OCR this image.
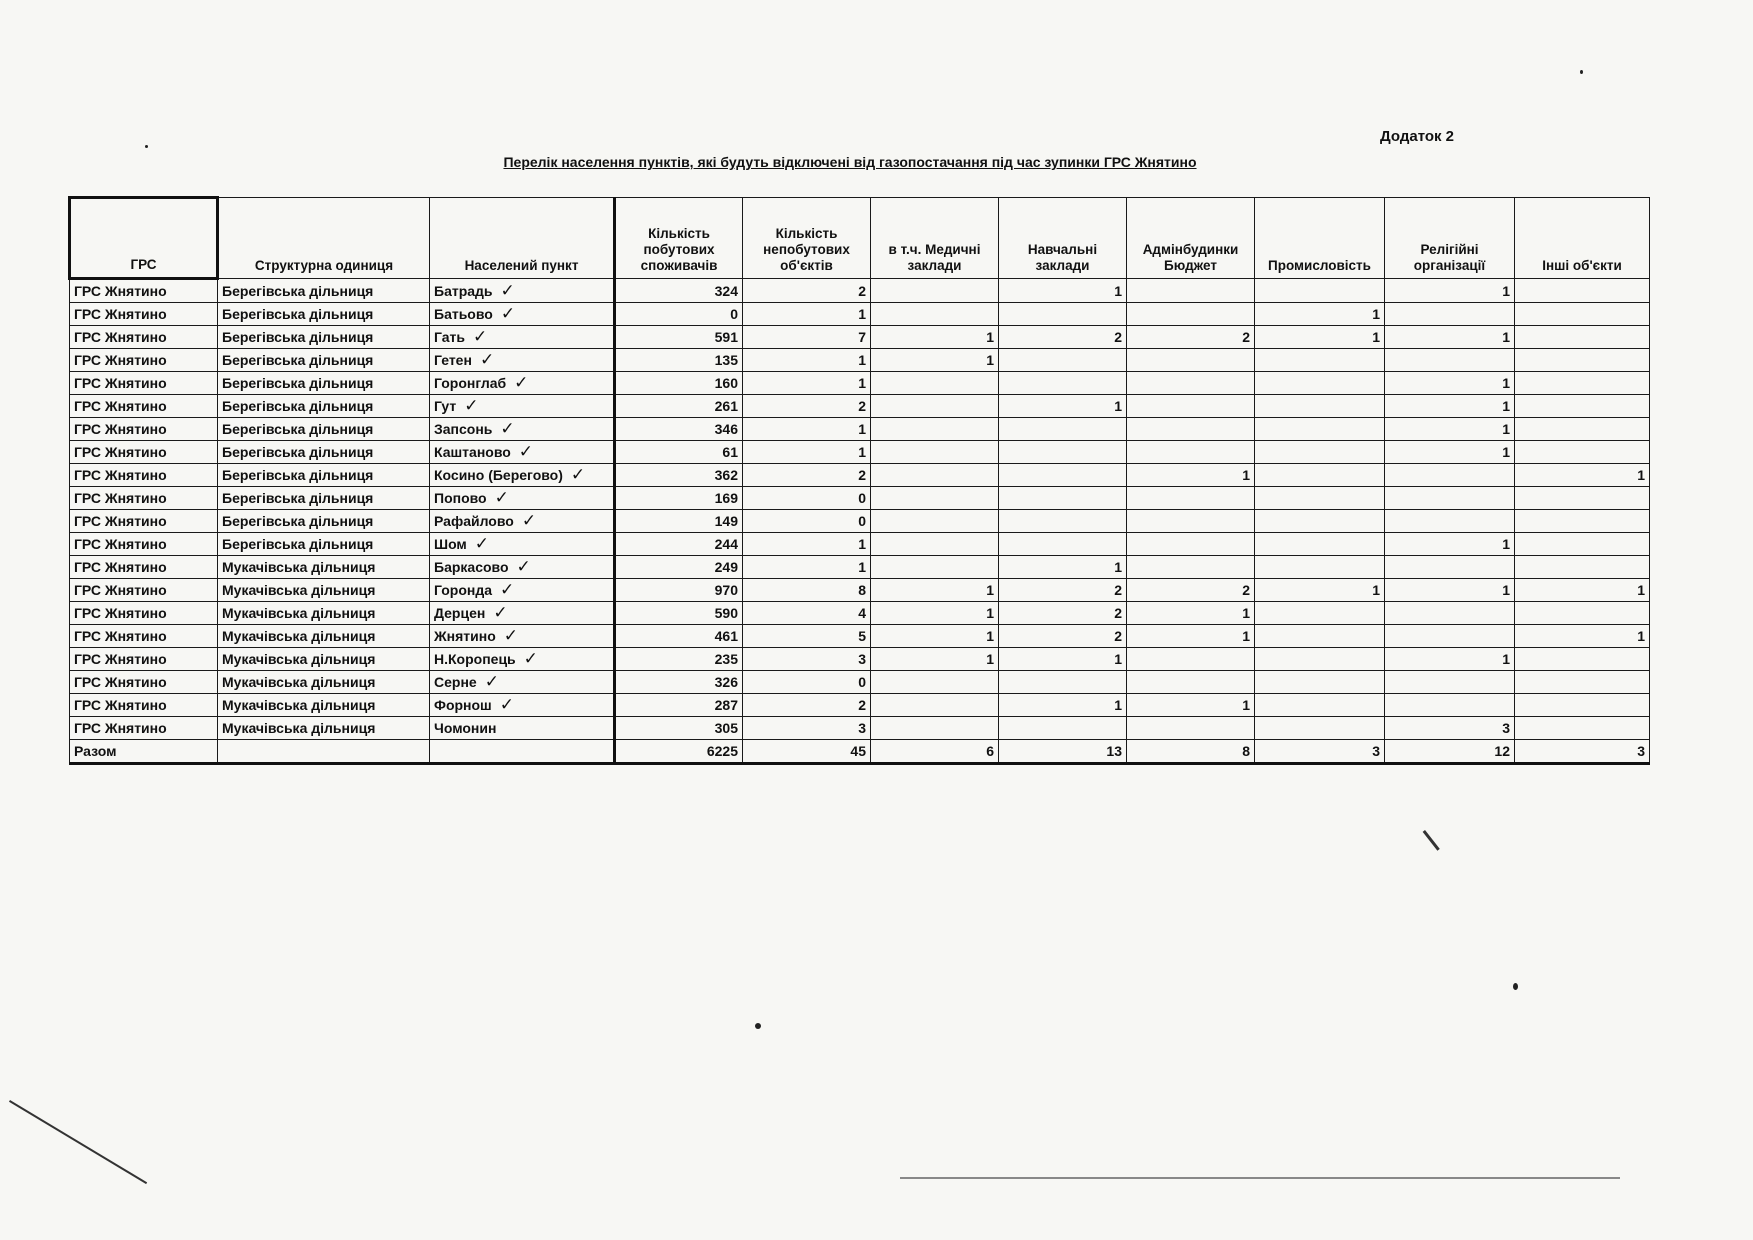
Додаток 2
Перелік населення пунктів, які будуть відключені від газопостачання під час зупинки ГРС Жнятино
ГРС	Структурна одиниця	Населений пункт	Кількість побутових споживачів	Кількість непобутових об'єктів	в т.ч. Медичні заклади	Навчальні заклади	Адмінбудинки Бюджет	Промисловість	Релігійні організації	Інші об'єкти
ГРС Жнятино	Берегівська дільниця	Батрадь ✓	324	2		1			1	
ГРС Жнятино	Берегівська дільниця	Батьово ✓	0	1				1		
ГРС Жнятино	Берегівська дільниця	Гать ✓	591	7	1	2	2	1	1	
ГРС Жнятино	Берегівська дільниця	Гетен ✓	135	1	1					
ГРС Жнятино	Берегівська дільниця	Горонглаб ✓	160	1					1	
ГРС Жнятино	Берегівська дільниця	Гут ✓	261	2		1			1	
ГРС Жнятино	Берегівська дільниця	Запсонь ✓	346	1					1	
ГРС Жнятино	Берегівська дільниця	Каштаново ✓	61	1					1	
ГРС Жнятино	Берегівська дільниця	Косино (Берегово) ✓	362	2			1			1
ГРС Жнятино	Берегівська дільниця	Попово ✓	169	0						
ГРС Жнятино	Берегівська дільниця	Рафайлово ✓	149	0						
ГРС Жнятино	Берегівська дільниця	Шом ✓	244	1					1	
ГРС Жнятино	Мукачівська дільниця	Баркасово ✓	249	1		1				
ГРС Жнятино	Мукачівська дільниця	Горонда ✓	970	8	1	2	2	1	1	1
ГРС Жнятино	Мукачівська дільниця	Дерцен ✓	590	4	1	2	1			
ГРС Жнятино	Мукачівська дільниця	Жнятино ✓	461	5	1	2	1			1
ГРС Жнятино	Мукачівська дільниця	Н.Коропець ✓	235	3	1	1			1	
ГРС Жнятино	Мукачівська дільниця	Серне ✓	326	0						
ГРС Жнятино	Мукачівська дільниця	Форнош ✓	287	2		1	1			
ГРС Жнятино	Мукачівська дільниця	Чомонин	305	3					3	
Разом			6225	45	6	13	8	3	12	3
